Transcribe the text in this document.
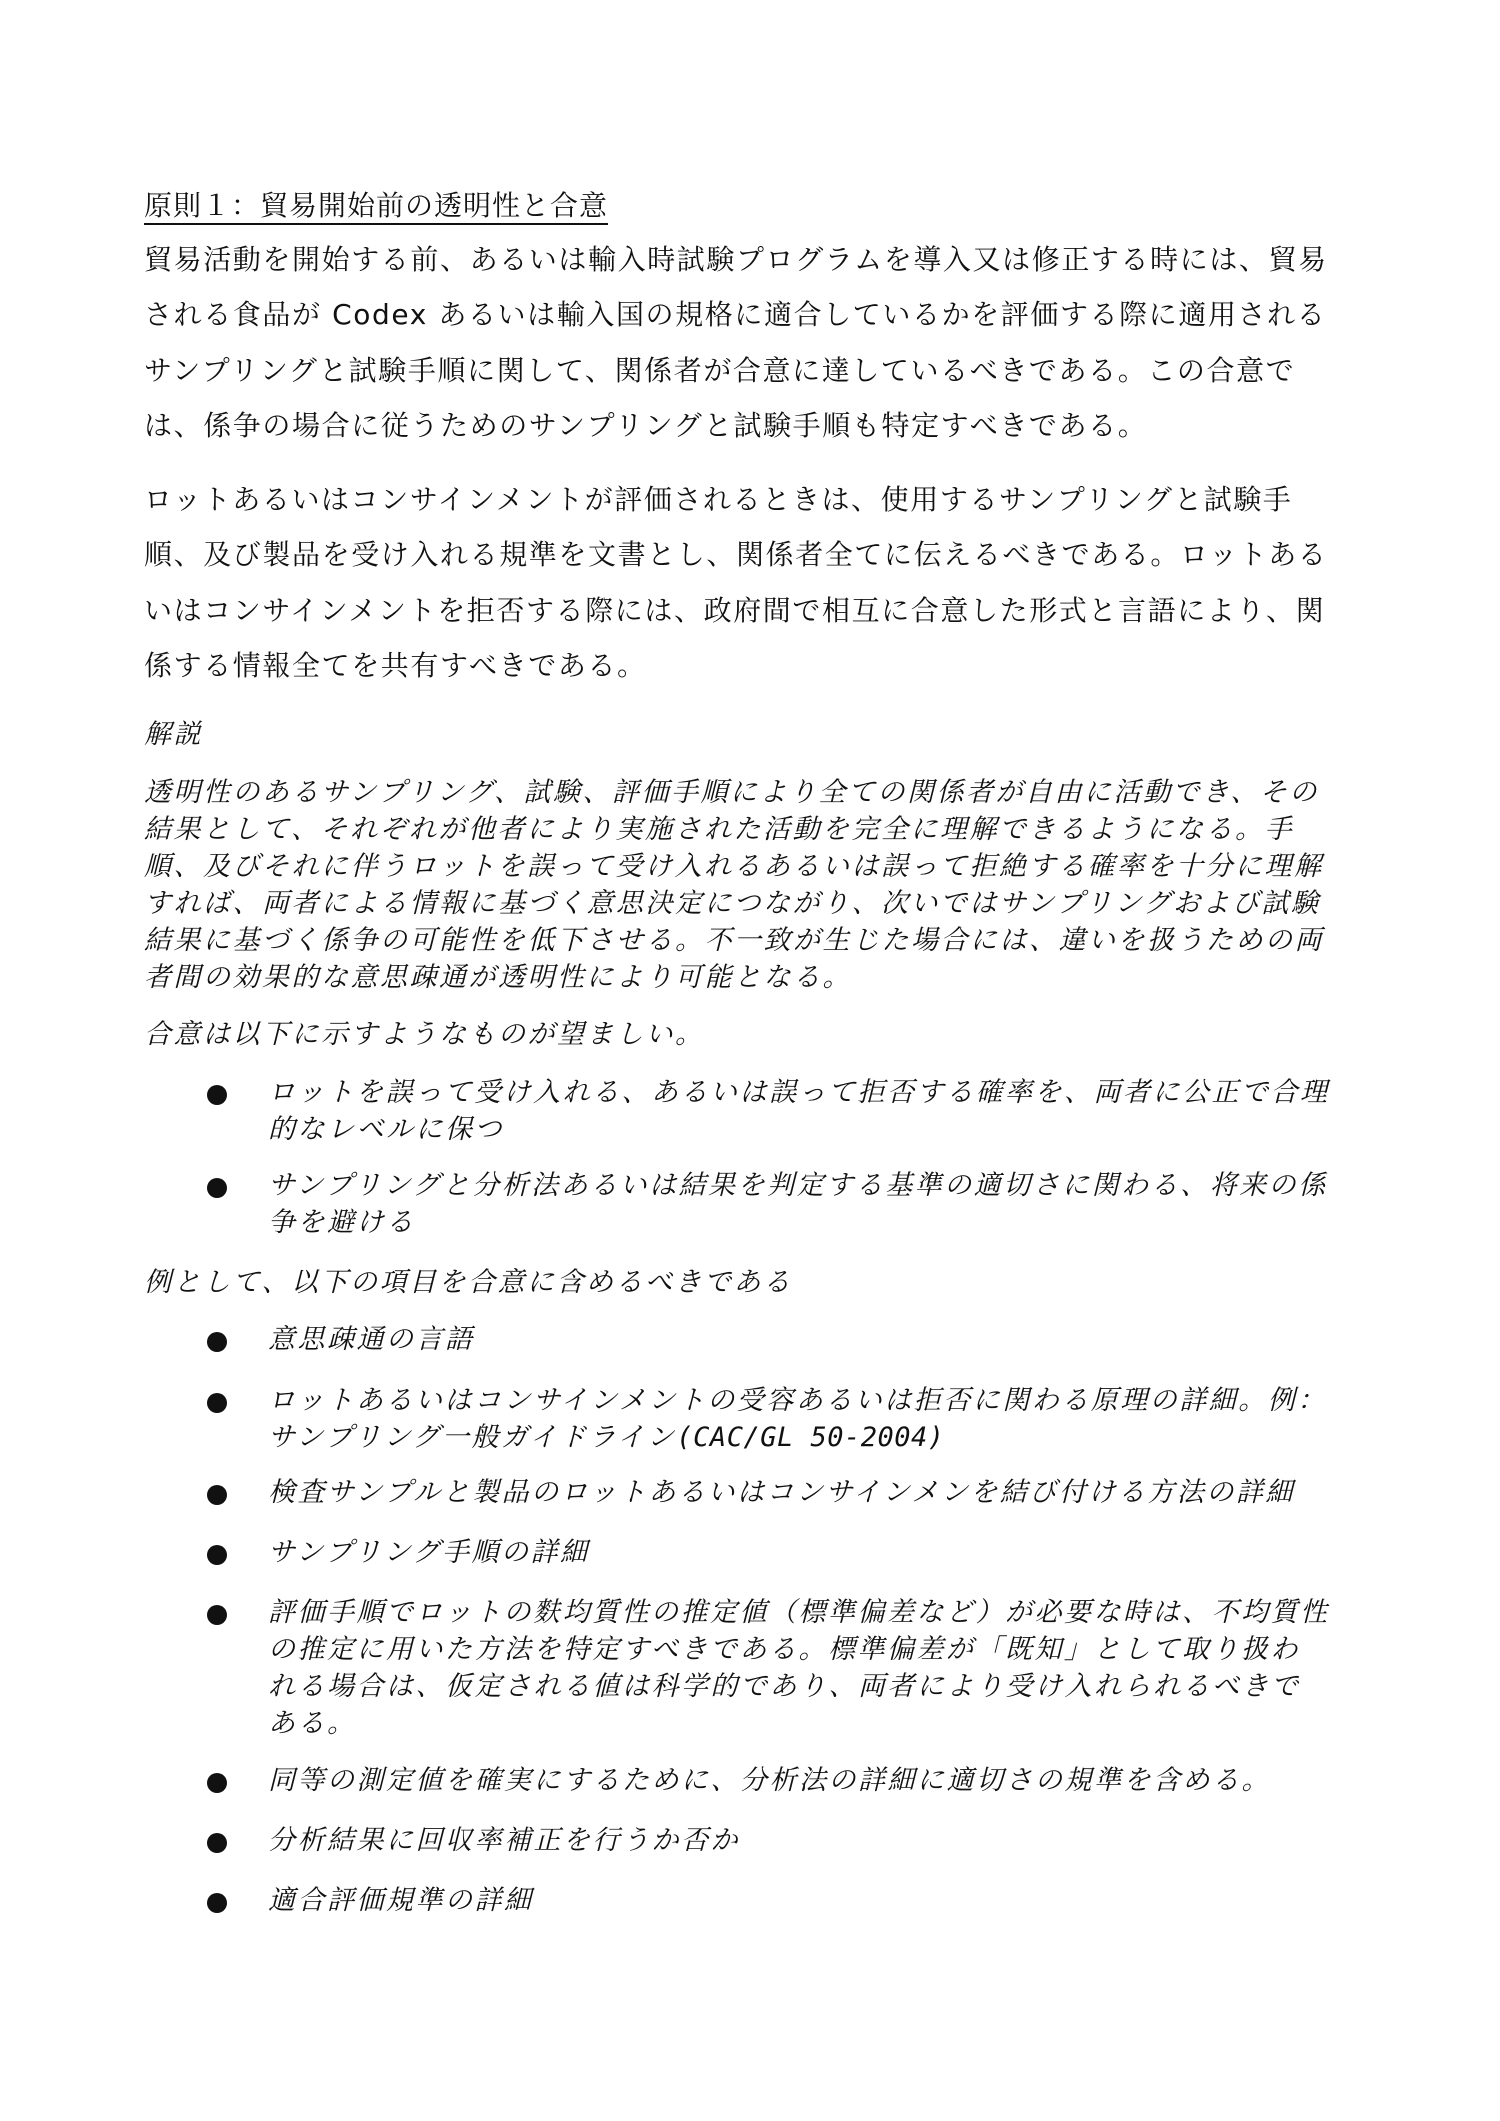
原則１：貿易開始前の透明性と合意
貿易活動を開始する前、あるいは輸入時試験プログラムを導入又は修正する時には、貿易
される食品が Codex あるいは輸入国の規格に適合しているかを評価する際に適用される
サンプリングと試験手順に関して、関係者が合意に達しているべきである。この合意で
は、係争の場合に従うためのサンプリングと試験手順も特定すべきである。
ロットあるいはコンサインメントが評価されるときは、使用するサンプリングと試験手
順、及び製品を受け入れる規準を文書とし、関係者全てに伝えるべきである。ロットある
いはコンサインメントを拒否する際には、政府間で相互に合意した形式と言語により、関
係する情報全てを共有すべきである。
解説
透明性のあるサンプリング、試験、評価手順により全ての関係者が自由に活動でき、その
結果として、それぞれが他者により実施された活動を完全に理解できるようになる。手
順、及びそれに伴うロットを誤って受け入れるあるいは誤って拒絶する確率を十分に理解
すれば、両者による情報に基づく意思決定につながり、次いではサンプリングおよび試験
結果に基づく係争の可能性を低下させる。不一致が生じた場合には、違いを扱うための両
者間の効果的な意思疎通が透明性により可能となる。
合意は以下に示すようなものが望ましい。
ロットを誤って受け入れる、あるいは誤って拒否する確率を、両者に公正で合理
的なレベルに保つ
サンプリングと分析法あるいは結果を判定する基準の適切さに関わる、将来の係
争を避ける
例として、以下の項目を合意に含めるべきである
意思疎通の言語
ロットあるいはコンサインメントの受容あるいは拒否に関わる原理の詳細。例：
サンプリング一般ガイドライン(CAC/GL 50-2004)
検査サンプルと製品のロットあるいはコンサインメンを結び付ける方法の詳細
サンプリング手順の詳細
評価手順でロットの麩均質性の推定値（標準偏差など）が必要な時は、不均質性
の推定に用いた方法を特定すべきである。標準偏差が「既知」として取り扱わ
れる場合は、仮定される値は科学的であり、両者により受け入れられるべきで
ある。
同等の測定値を確実にするために、分析法の詳細に適切さの規準を含める。
分析結果に回収率補正を行うか否か
適合評価規準の詳細
